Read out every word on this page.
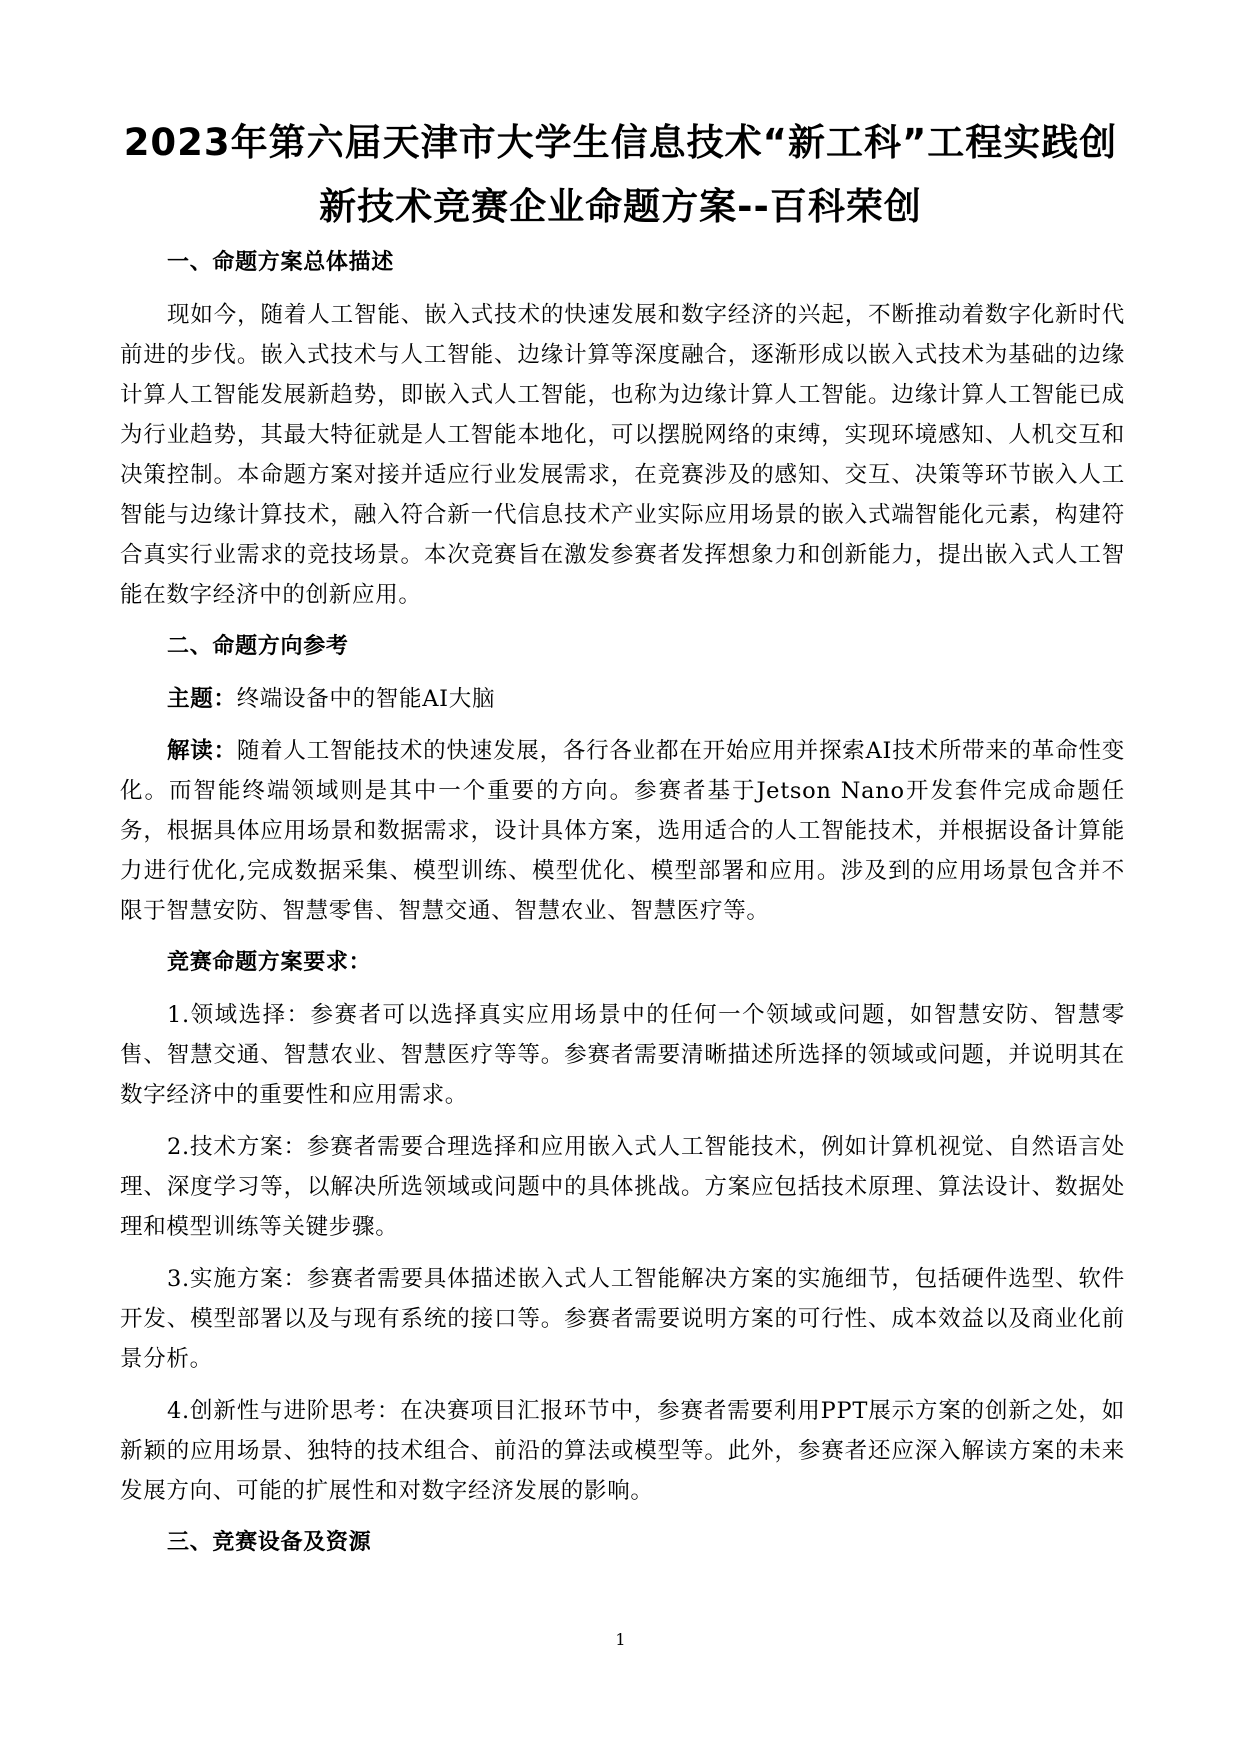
2023年第六届天津市大学生信息技术“新工科”工程实践创
新技术竞赛企业命题方案--百科荣创

一、命题方案总体描述

现如今，随着人工智能、嵌入式技术的快速发展和数字经济的兴起，不断推动着数字化新时代前进的步伐。嵌入式技术与人工智能、边缘计算等深度融合，逐渐形成以嵌入式技术为基础的边缘计算人工智能发展新趋势，即嵌入式人工智能，也称为边缘计算人工智能。边缘计算人工智能已成为行业趋势，其最大特征就是人工智能本地化，可以摆脱网络的束缚，实现环境感知、人机交互和决策控制。本命题方案对接并适应行业发展需求，在竞赛涉及的感知、交互、决策等环节嵌入人工智能与边缘计算技术，融入符合新一代信息技术产业实际应用场景的嵌入式端智能化元素，构建符合真实行业需求的竞技场景。本次竞赛旨在激发参赛者发挥想象力和创新能力，提出嵌入式人工智能在数字经济中的创新应用。

二、命题方向参考

主题：终端设备中的智能AI大脑

解读：随着人工智能技术的快速发展，各行各业都在开始应用并探索AI技术所带来的革命性变化。而智能终端领域则是其中一个重要的方向。参赛者基于Jetson Nano开发套件完成命题任务，根据具体应用场景和数据需求，设计具体方案，选用适合的人工智能技术，并根据设备计算能力进行优化,完成数据采集、模型训练、模型优化、模型部署和应用。涉及到的应用场景包含并不限于智慧安防、智慧零售、智慧交通、智慧农业、智慧医疗等。

竞赛命题方案要求：

1.领域选择：参赛者可以选择真实应用场景中的任何一个领域或问题，如智慧安防、智慧零售、智慧交通、智慧农业、智慧医疗等等。参赛者需要清晰描述所选择的领域或问题，并说明其在数字经济中的重要性和应用需求。

2.技术方案：参赛者需要合理选择和应用嵌入式人工智能技术，例如计算机视觉、自然语言处理、深度学习等，以解决所选领域或问题中的具体挑战。方案应包括技术原理、算法设计、数据处理和模型训练等关键步骤。

3.实施方案：参赛者需要具体描述嵌入式人工智能解决方案的实施细节，包括硬件选型、软件开发、模型部署以及与现有系统的接口等。参赛者需要说明方案的可行性、成本效益以及商业化前景分析。

4.创新性与进阶思考：在决赛项目汇报环节中，参赛者需要利用PPT展示方案的创新之处，如新颖的应用场景、独特的技术组合、前沿的算法或模型等。此外，参赛者还应深入解读方案的未来发展方向、可能的扩展性和对数字经济发展的影响。

三、竞赛设备及资源

1
